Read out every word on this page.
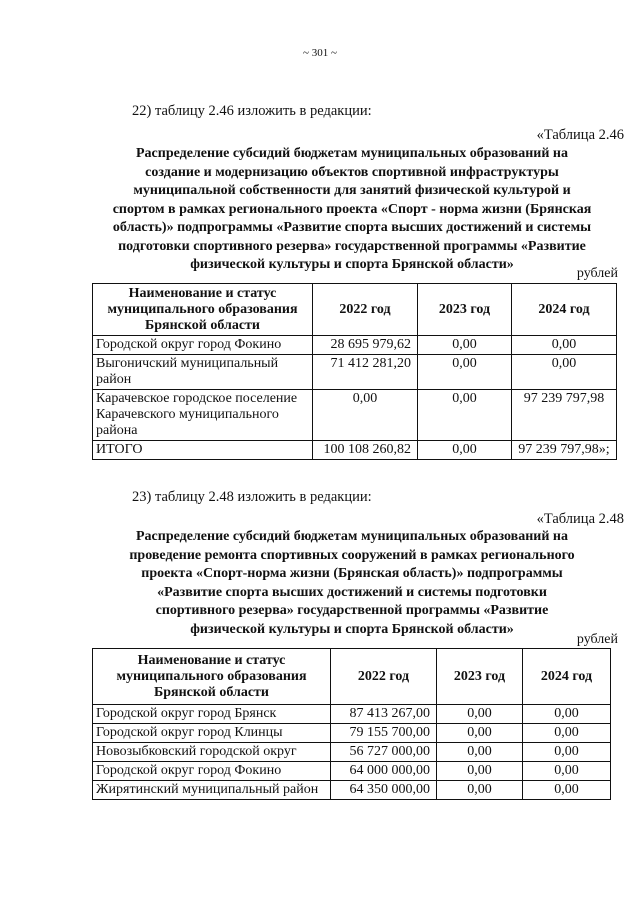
~ 301 ~
22) таблицу 2.46 изложить в редакции:
«Таблица 2.46
Распределение субсидий бюджетам муниципальных образований на
создание и модернизацию объектов спортивной инфраструктуры
муниципальной собственности для занятий физической культурой и
спортом в рамках регионального проекта «Спорт - норма жизни (Брянская
область)» подпрограммы «Развитие спорта высших достижений и системы
подготовки спортивного резерва» государственной программы «Развитие
физической культуры и спорта Брянской области»
рублей
Наименование и статус муниципального образования Брянской области	2022 год	2023 год	2024 год
Городской округ город Фокино	28 695 979,62	0,00	0,00
Выгоничский муниципальный район	71 412 281,20	0,00	0,00
Карачевское городское поселение Карачевского муниципального района	0,00	0,00	97 239 797,98
ИТОГО	100 108 260,82	0,00	97 239 797,98»;
23) таблицу 2.48 изложить в редакции:
«Таблица 2.48
Распределение субсидий бюджетам муниципальных образований на
проведение ремонта спортивных сооружений в рамках регионального
проекта «Спорт-норма жизни (Брянская область)» подпрограммы
«Развитие спорта высших достижений и системы подготовки
спортивного резерва» государственной программы «Развитие
физической культуры и спорта Брянской области»
рублей
Наименование и статус муниципального образования Брянской области	2022 год	2023 год	2024 год
Городской округ город Брянск	87 413 267,00	0,00	0,00
Городской округ город Клинцы	79 155 700,00	0,00	0,00
Новозыбковский городской округ	56 727 000,00	0,00	0,00
Городской округ город Фокино	64 000 000,00	0,00	0,00
Жирятинский муниципальный район	64 350 000,00	0,00	0,00
